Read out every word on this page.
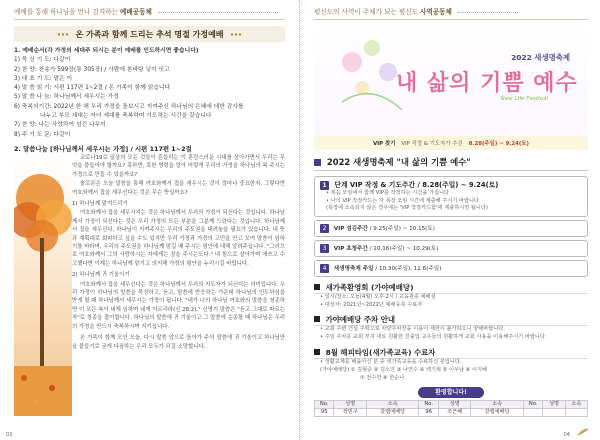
예배를 통해 하나님을 만나 감격하는 예배공동체
온 가족과 함께 드리는 추석 명절 가정예배
1. 예배순서(각 가정의 세대주 되시는 분이 예배를 인도하시면 좋습니다)
1) 묵 상 기 도: 다같이
2) 찬 양: 찬송가 599장(통 305장) / 사람에 본바탕 넣이 잇고
3) 대 표 기 도: 맡은 이
4) 말 씀 읽 기: 시편 117편 1~2절 / 온 가족이 함께 읽습니다
5) 말 씀 나 눔: 하나님께서 세우시는 가정
6) 축복의기간: 2022년 한 해 우리 가정을 돌보시고 지켜주신 하나님의 은혜에 대한 감사를
나누고 부모 세대는 자녀 세대를 축복하며 기도하는 시간을 갖습니다
7) 찬 양: 나는 사랑하여 섬긴 나무이
8) 주 기 도 문: 다같이
2. 말씀나눔 [하나님께서 세우시는 가정] / 시편 117편 1~2절

코로나19로 일상의 모든 것들이 흔들리는 이 혼란스러운 시대를 살아가면서 우리는 무엇을 붙들어야 할까요? 혹하면, 혹한 명령을 알아 어렇게 우리의 가정을 하나님의 복 주시는 가정으로 만들 수 있을까요?

솔로몬은 오늘 말씀을 통해 여호와께서 집을 세우시는 것이 얼마나 중요한지, 그렇다면 여호와께서 집을 세우신다는 것은 무슨 뜻일까요?

1) 하나님께 맡겨드리기

여호와께서 집을 세우시지는 것은 하나님께서 우리의 가정이 되신다는 것입니다. 하나님께서 가정이 되신다는 것은 우리 가정의 모든 부분을 그분께 드린다는 것입니다. 하나님께서 집을 세우신다, 하나님이 지켜주시는 우리의 주도권을 내려놓을 필요가 있습니다. 내 뜻과 계획대로 회피하고 싶을 수도 있지만 우리 가정과 가정의 고민을 안고 모여 말씀이 임하기를 바라며, 우리의 주도권을 하나님께 맡길 때 주시는 평안에 대해 알려주십니다. "그러므로 여호와께서 그의 사랑하시는 자에게는 잠을 주시는도다." 내 힘으로 살아가며 애쓰고 수고했다면 이제는 하나님께 맡기고 의지해 가정의 평안을 누리시길 바랍니다.

2) 하나님께 귀 기울이기

여호와께서 집을 세우신다는 것은 하나님께서 우리의 지도자가 되신다는 의미입니다. 우리 가정이 하나님의 말씀을 묵상하고, 듣고, 말씀에 반응하는 가운데 하나님의 인도하심을 받게 될 때 하나님께서 세우시는 가정이 됩니다. "내가 너의 하나님 여호와의 말씀을 청종하면 이 모든 복이 네게 임하며 네게 이르리라(신 28:2)." 신명기 말씀은 "듣고 그대로 따르는 자"로 청종을 풀이합니다. 하나님의 말씀에 귀 기울이고 그 말씀에 순종할 때 하나님은 우리의 가정을 반드시 축복하시며 지키십니다.

온 가족이 함께 모인 오늘, 다시 말씀 앞으로 돌아가 주의 말씀에 귀 기울이고 하나님만을 붙들기로 굳게 다짐하는 우리 모두가 되길 소망합니다.

03
평신도의 사역이 주체가 되는 평신도 사역공동체
2022 새생명축제
내 삶의 기쁨 예수
New Life Festival
VIP 찾기 VIP 작정 & 기도자가 추진 8.28(주일) ~ 9.24(토)
2022 새생명축제 "내 삶의 기쁨 예수"
1 단계 VIP 작정 & 기도주간 / 8.28(주일) ~ 9.24(토)
• 복음 모임에서 함께 VIP를 작정하는 시간을 가집니다
• 나의 VIP 작정카드는 각 목장 모임 시간에 제출해 주시기 바랍니다
(목장에 소속되지 않은 경우에는 'VIP 작정카드함'에 제출하시면 됩니다)
2 VIP 섬김주간 / 9.25(주일) ~ 10.15(토)
3 VIP 초청주간 / 10.16(주일) ~ 10.29(토)
4 새생명축제 주일 / 10.30(주일), 11.6(주일)
새가족환영회 (가야예배당)
• 일시/장소: 오늘(4월) 오후 2시 / 교육관층 예배실
• 대상자: 2021년~2022년 예배등록 수료자
가야예배당 주차 안내
• 교회 주변 건설 주택으로 차량주차장을 이용이 제한이 불가하오니 양해바랍니다.
• 주일 주차를 교회 부지 내로 원활한 진출입 교우들의 원활하게 교회 사용을 이용해주시기 바랍니다.
8월 해피타임(새가족교육) 수료자
• 생활교제를 배웁아신 분 중 새가족교육을 수료하신 분입니다.
(가야예배당) ① 김형준 ② 김소진 ③ 나연수 ④ 백기혁 ⑤ 이우남 ⑥ 이지혜
⑦ 전수연 ⑧ 한순나
환영합니다!
No.	성명	소속	No.	성명	소속	No.	성명	소속
95	정민구	갈렙예배당	96	조근혜	갈렙예배당			
04
